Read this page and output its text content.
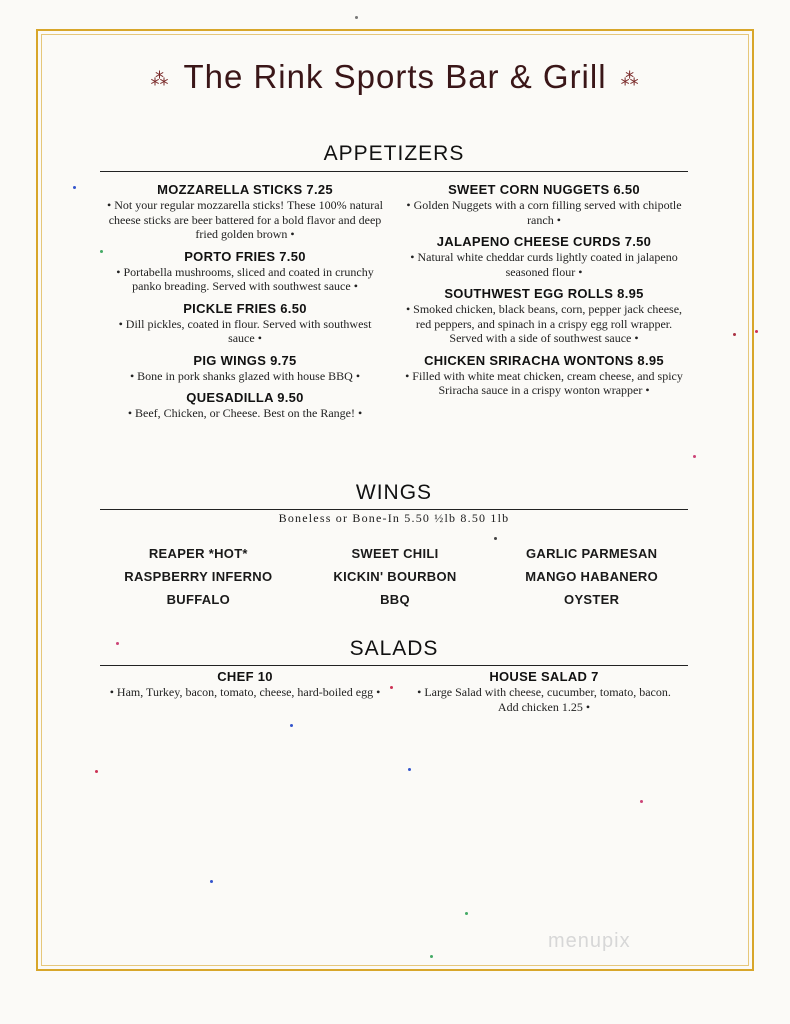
⁂ The Rink Sports Bar & Grill ⁂
APPETIZERS
MOZZARELLA STICKS 7.25
• Not your regular mozzarella sticks! These 100% natural cheese sticks are beer battered for a bold flavor and deep fried golden brown •
PORTO FRIES 7.50
• Portabella mushrooms, sliced and coated in crunchy panko breading. Served with southwest sauce •
PICKLE FRIES 6.50
• Dill pickles, coated in flour. Served with southwest sauce •
PIG WINGS 9.75
• Bone in pork shanks glazed with house BBQ •
QUESADILLA 9.50
• Beef, Chicken, or Cheese. Best on the Range! •
SWEET CORN NUGGETS 6.50
• Golden Nuggets with a corn filling served with chipotle ranch •
JALAPENO CHEESE CURDS 7.50
• Natural white cheddar curds lightly coated in jalapeno seasoned flour •
SOUTHWEST EGG ROLLS 8.95
• Smoked chicken, black beans, corn, pepper jack cheese, red peppers, and spinach in a crispy egg roll wrapper. Served with a side of southwest sauce •
CHICKEN SRIRACHA WONTONS 8.95
• Filled with white meat chicken, cream cheese, and spicy Sriracha sauce in a crispy wonton wrapper •
WINGS
Boneless or Bone-In 5.50 ½lb 8.50 1lb
REAPER *HOT*	SWEET CHILI	GARLIC PARMESAN
RASPBERRY INFERNO	KICKIN' BOURBON	MANGO HABANERO
BUFFALO	BBQ	OYSTER
SALADS
CHEF 10
• Ham, Turkey, bacon, tomato, cheese, hard-boiled egg •
HOUSE SALAD 7
• Large Salad with cheese, cucumber, tomato, bacon. Add chicken 1.25 •
menupix
